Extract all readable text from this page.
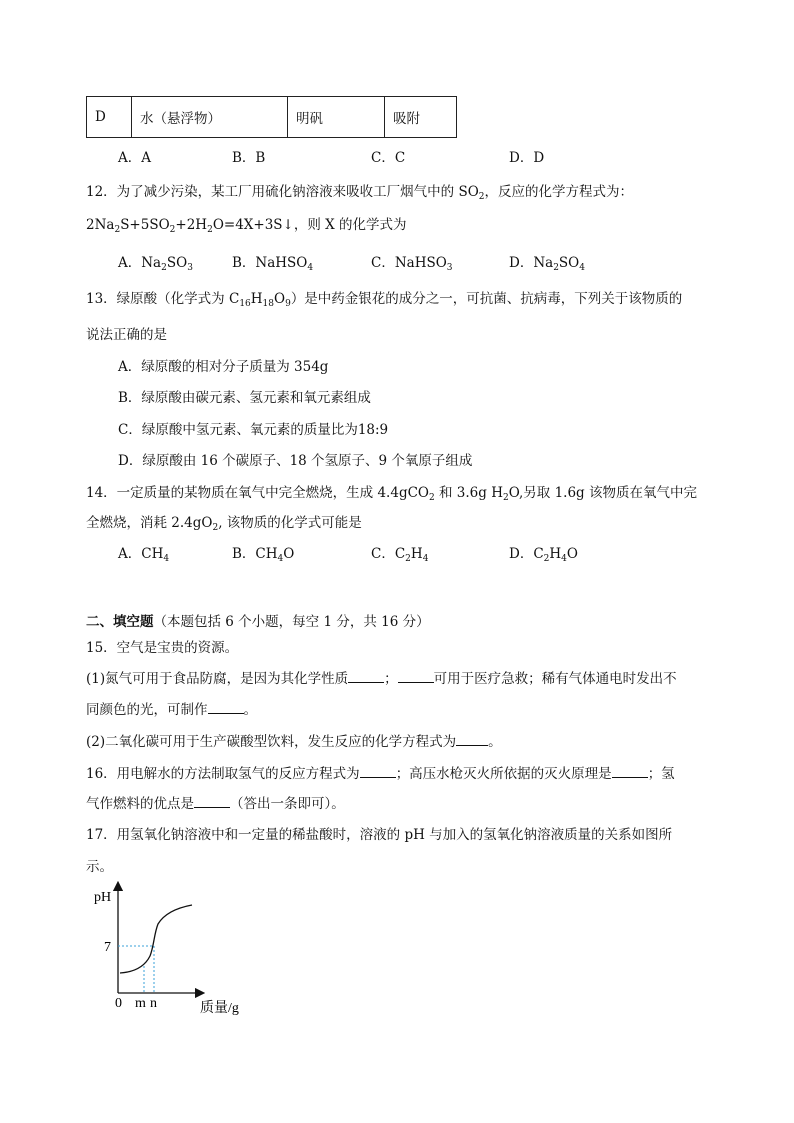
D	水（悬浮物）	明矾	吸附
A．A	B．B	C．C	D．D
12．为了减少污染，某工厂用硫化钠溶液来吸收工厂烟气中的 $SO_2$，反应的化学方程式为：
$2Na_2S+5SO_2+2H_2O=4X+3S↓$，则 X 的化学式为
A．$Na_2SO_3$	B．NaHSO$_4$	C．NaHSO$_3$	D．$Na_2SO_4$
13．绿原酸（化学式为 $C_{16}H_{18}O_9$）是中药金银花的成分之一，可抗菌、抗病毒，下列关于该物质的
说法正确的是
A．绿原酸的相对分子质量为 354g
B．绿原酸由碳元素、氢元素和氧元素组成
C．绿原酸中氢元素、氧元素的质量比为18:9
D．绿原酸由 16 个碳原子、18 个氢原子、9 个氧原子组成
14．一定质量的某物质在氧气中完全燃烧，生成 4.4gCO$_2$ 和 3.6g $H_2O$,另取 1.6g 该物质在氧气中完
全燃烧，消耗 $2.4gO_2$, 该物质的化学式可能是
A．$CH_4$	B．$CH_4O$	C．$C_2H_4$	D．$C_2H_4O$
二、填空题（本题包括 6 个小题，每空 1 分，共 16 分）
15．空气是宝贵的资源。
(1)氮气可用于食品防腐，是因为其化学性质	；	可用于医疗急救；稀有气体通电时发出不
同颜色的光，可制作	。
(2)二氧化碳可用于生产碳酸型饮料，发生反应的化学方程式为 。
16．用电解水的方法制取氢气的反应方程式为	；高压水枪灭火所依据的灭火原理是	；氢
气作燃料的优点是	（答出一条即可）。
17．用氢氧化钠溶液中和一定量的稀盐酸时，溶液的 pH 与加入的氢氧化钠溶液质量的关系如图所
示。
pH
7
0 m n	质量/g
